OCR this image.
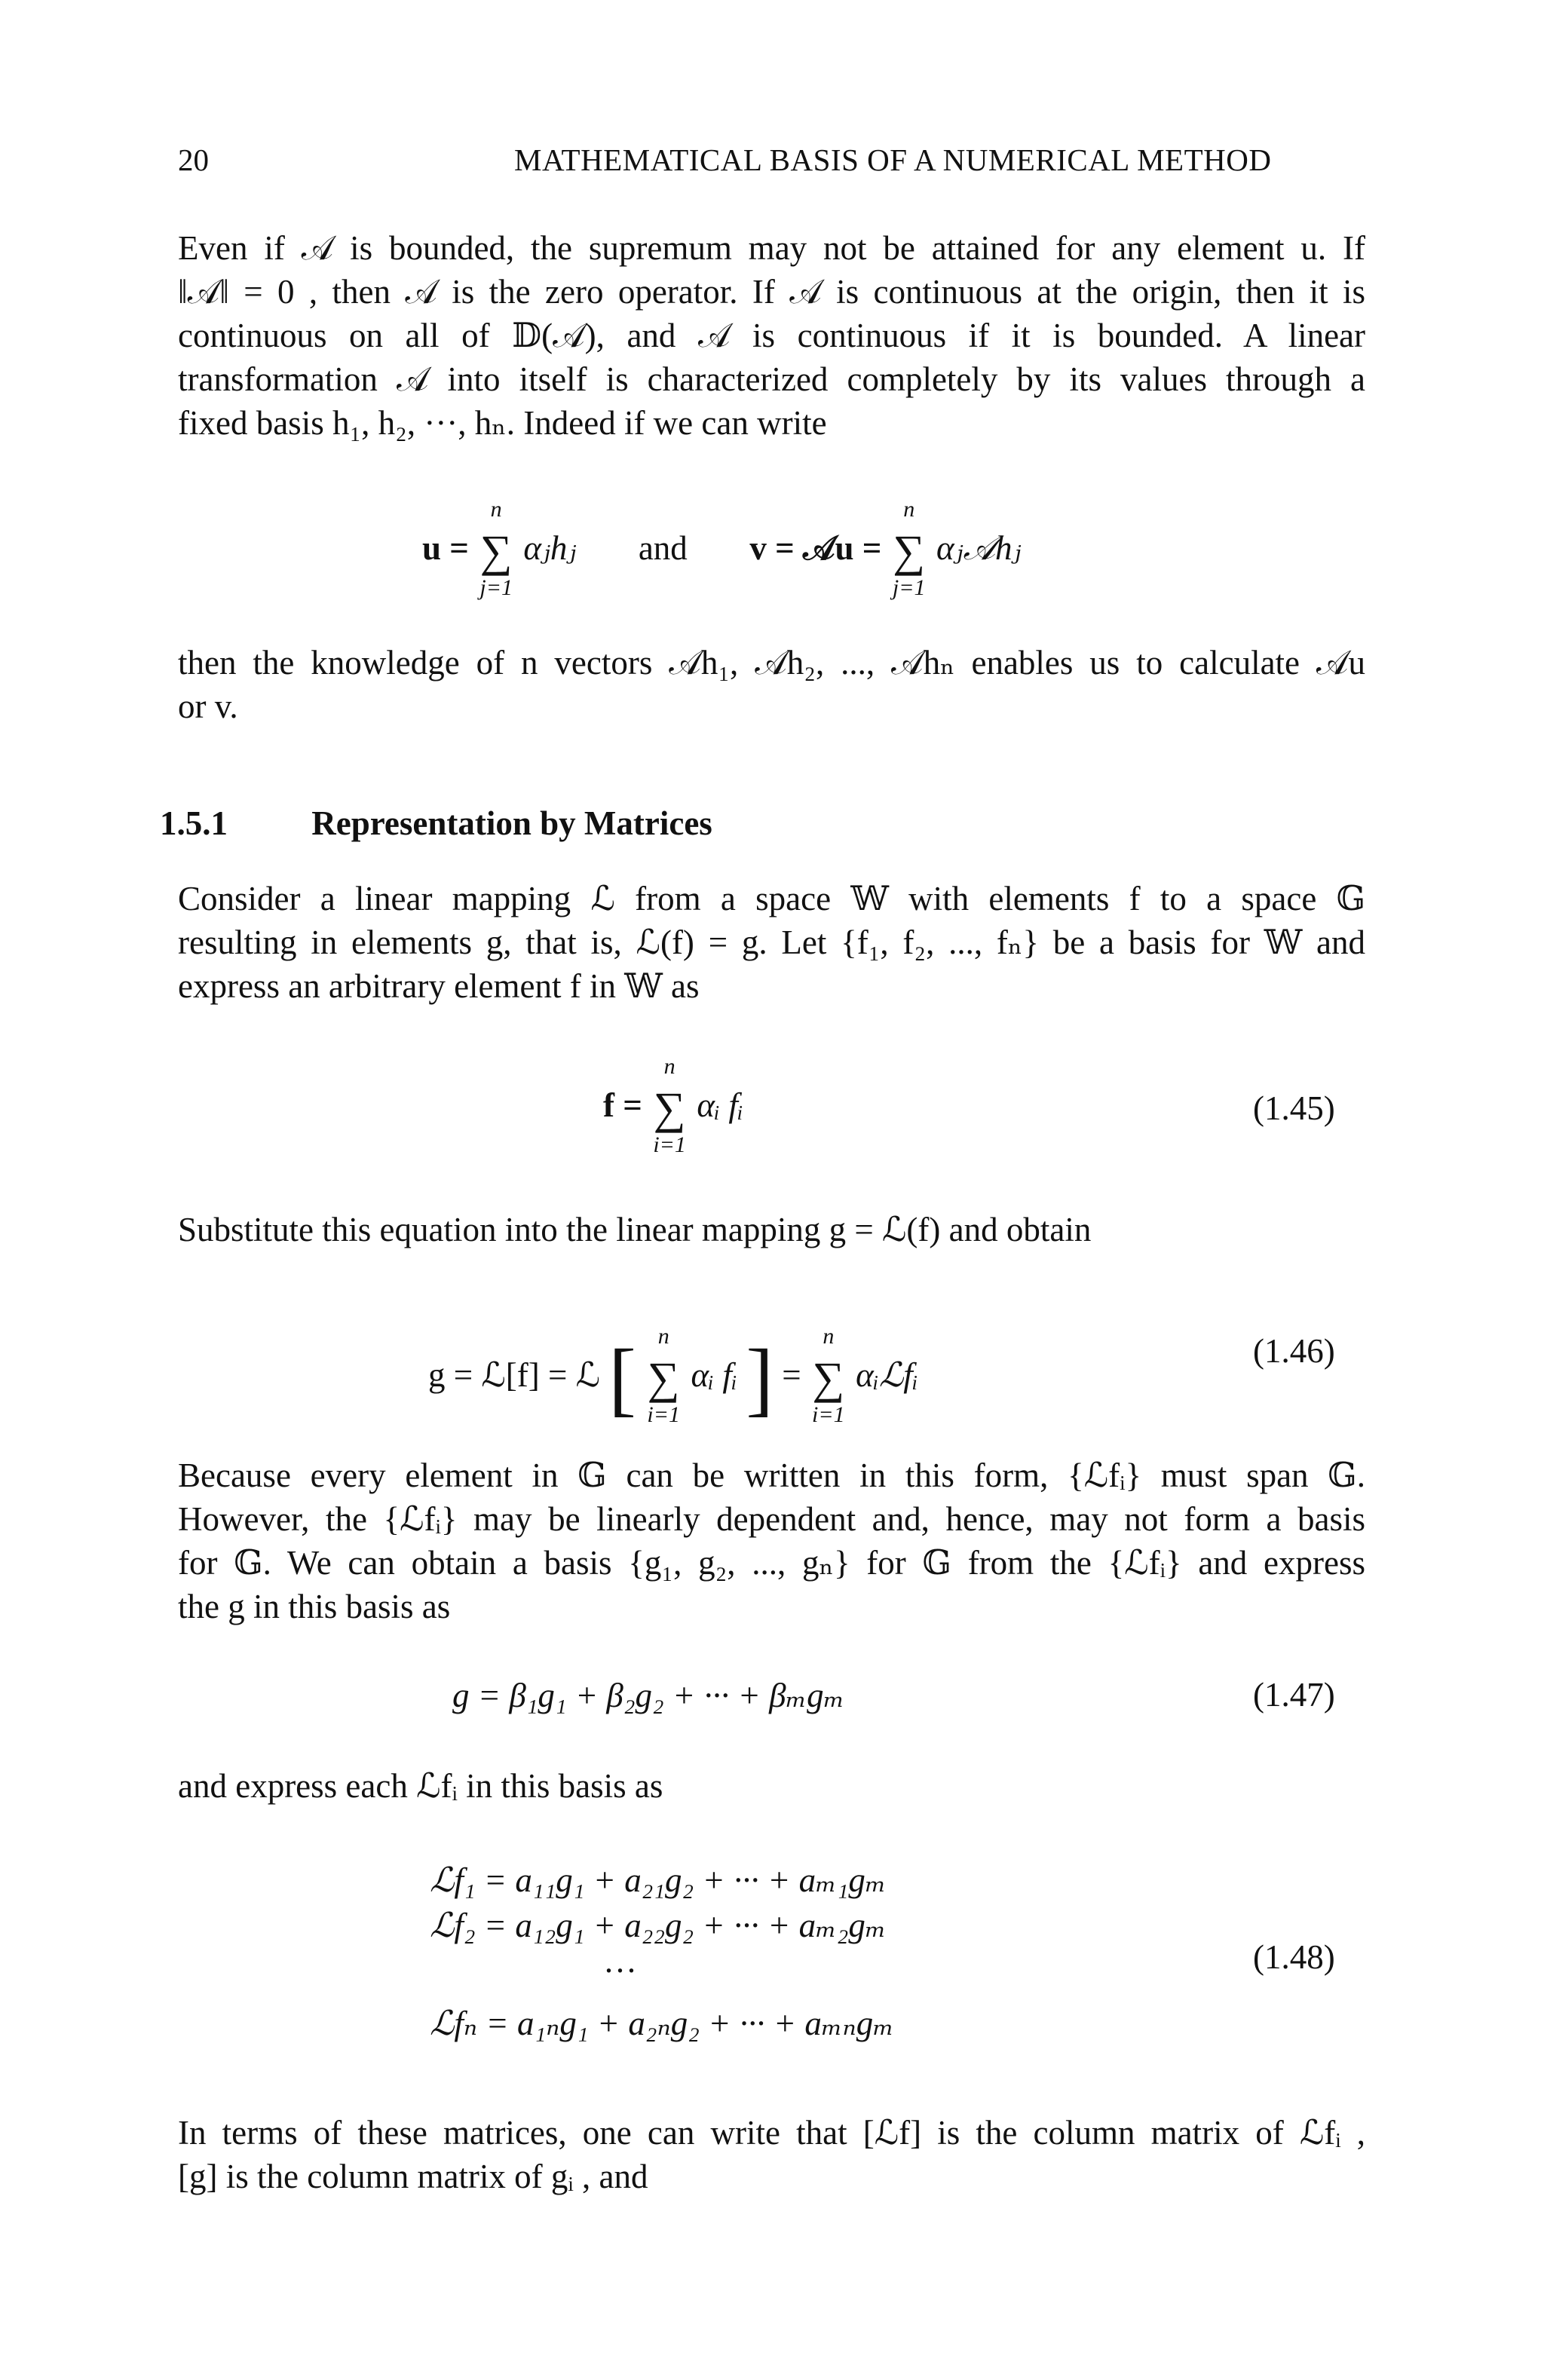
20	MATHEMATICAL BASIS OF A NUMERICAL METHOD
Even if 𝒜 is bounded, the supremum may not be attained for any element u. If
‖𝒜‖ = 0 , then 𝒜 is the zero operator. If 𝒜 is continuous at the origin, then it is
continuous on all of 𝔻(𝒜), and 𝒜 is continuous if it is bounded. A linear
transformation 𝒜 into itself is characterized completely by its values through a
fixed basis h₁, h₂, ···, hₙ. Indeed if we can write
u =
n
∑
j=1
αⱼhⱼ and v = 𝒜u =
n
∑
j=1
αⱼ𝒜hⱼ
then the knowledge of n vectors 𝒜h₁, 𝒜h₂, ..., 𝒜hₙ enables us to calculate 𝒜u
or v.
1.5.1 Representation by Matrices
Consider a linear mapping ℒ from a space 𝕎 with elements f to a space 𝔾
resulting in elements g, that is, ℒ(f) = g. Let {f₁, f₂, ..., fₙ} be a basis for 𝕎 and
express an arbitrary element f in 𝕎 as
f =
n
∑
i=1
αᵢ fᵢ	(1.45)
Substitute this equation into the linear mapping g = ℒ(f) and obtain
g = ℒ[f] = ℒ [ n
∑
i=1
αᵢ fᵢ ] =
n
∑
i=1
αᵢℒfᵢ
(1.46)
Because every element in 𝔾 can be written in this form, {ℒfᵢ} must span 𝔾.
However, the {ℒfᵢ} may be linearly dependent and, hence, may not form a basis
for 𝔾. We can obtain a basis {g₁, g₂, ..., gₙ} for 𝔾 from the {ℒfᵢ} and express
the g in this basis as
g = β₁g₁ + β₂g₂ + ··· + βₘgₘ	(1.47)
and express each ℒfᵢ in this basis as
ℒf₁ = a₁₁g₁ + a₂₁g₂ + ··· + aₘ₁gₘ
ℒf₂ = a₁₂g₁ + a₂₂g₂ + ··· + aₘ₂gₘ
···
ℒfₙ = a₁ₙg₁ + a₂ₙg₂ + ··· + aₘₙgₘ
(1.48)
In terms of these matrices, one can write that [ℒf] is the column matrix of ℒfᵢ ,
[g] is the column matrix of gᵢ , and
